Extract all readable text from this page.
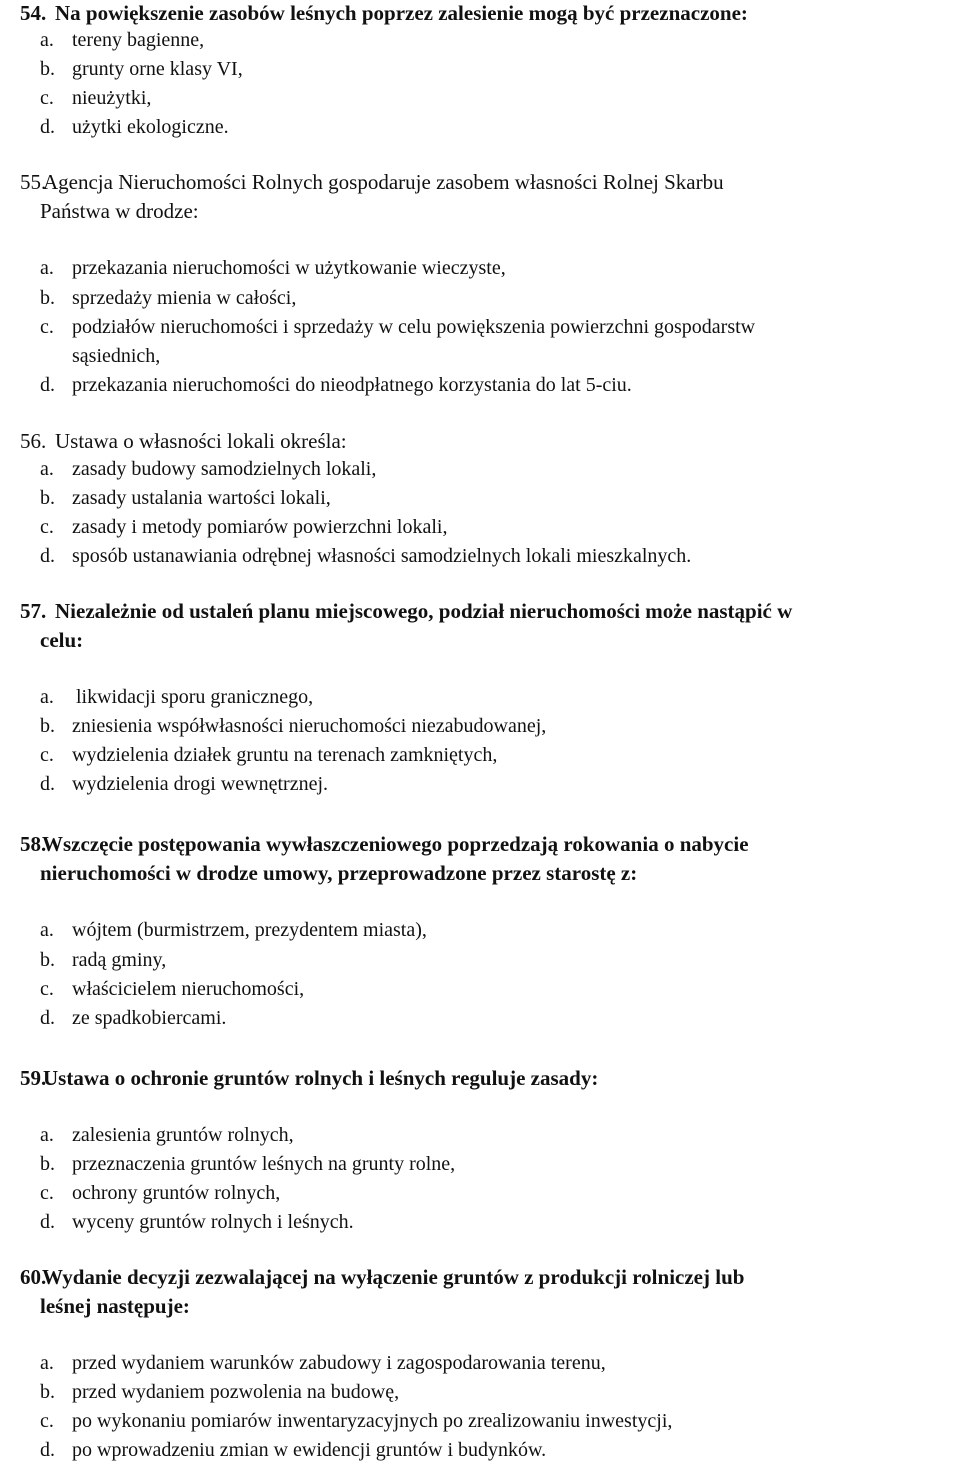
54. Na powiększenie zasobów leśnych poprzez zalesienie mogą być przeznaczone:
a. tereny bagienne,
b. grunty orne klasy VI,
c. nieużytki,
d. użytki ekologiczne.
55.
Agencja Nieruchomości Rolnych gospodaruje zasobem własności Rolnej Skarbu
Państwa w drodze:
a. przekazania nieruchomości w użytkowanie wieczyste,
b. sprzedaży mienia w całości,
c. podziałów nieruchomości i sprzedaży w celu powiększenia powierzchni gospodarstw
sąsiednich,
d. przekazania nieruchomości do nieodpłatnego korzystania do lat 5-ciu.
56. Ustawa o własności lokali określa:
a. zasady budowy samodzielnych lokali,
b. zasady ustalania wartości lokali,
c. zasady i metody pomiarów powierzchni lokali,
d. sposób ustanawiania odrębnej własności samodzielnych lokali mieszkalnych.
57. Niezależnie od ustaleń planu miejscowego, podział nieruchomości może nastąpić w
celu:
a. likwidacji sporu granicznego,
b. zniesienia współwłasności nieruchomości niezabudowanej,
c. wydzielenia działek gruntu na terenach zamkniętych,
d. wydzielenia drogi wewnętrznej.
58.
Wszczęcie postępowania wywłaszczeniowego poprzedzają rokowania o nabycie
nieruchomości w drodze umowy, przeprowadzone przez starostę z:
a. wójtem (burmistrzem, prezydentem miasta),
b. radą gminy,
c. właścicielem nieruchomości,
d. ze spadkobiercami.
59.
Ustawa o ochronie gruntów rolnych i leśnych reguluje zasady:
a. zalesienia gruntów rolnych,
b. przeznaczenia gruntów leśnych na grunty rolne,
c. ochrony gruntów rolnych,
d. wyceny gruntów rolnych i leśnych.
60.
Wydanie decyzji zezwalającej na wyłączenie gruntów z produkcji rolniczej lub
leśnej następuje:
a. przed wydaniem warunków zabudowy i zagospodarowania terenu,
b. przed wydaniem pozwolenia na budowę,
c. po wykonaniu pomiarów inwentaryzacyjnych po zrealizowaniu inwestycji,
d. po wprowadzeniu zmian w ewidencji gruntów i budynków.
